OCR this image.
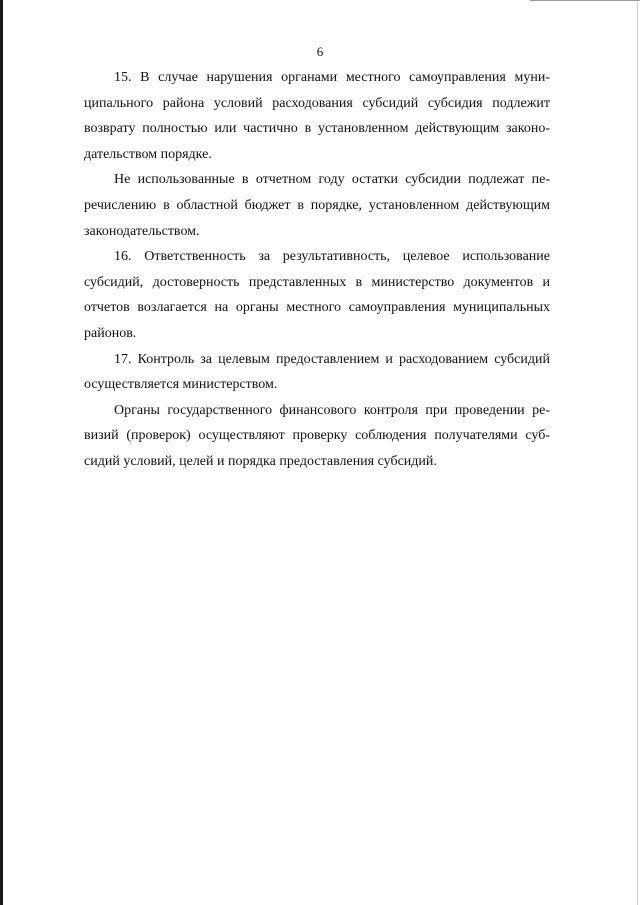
6

15. В случае нарушения органами местного самоуправления муниципального района условий расходования субсидий субсидия подлежит возврату полностью или частично в установленном действующим законодательством порядке.

Не использованные в отчетном году остатки субсидии подлежат перечислению в областной бюджет в порядке, установленном действующим законодательством.

16. Ответственность за результативность, целевое использование субсидий, достоверность представленных в министерство документов и отчетов возлагается на органы местного самоуправления муниципальных районов.

17. Контроль за целевым предоставлением и расходованием субсидий осуществляется министерством.

Органы государственного финансового контроля при проведении ревизий (проверок) осуществляют проверку соблюдения получателями субсидий условий, целей и порядка предоставления субсидий.
